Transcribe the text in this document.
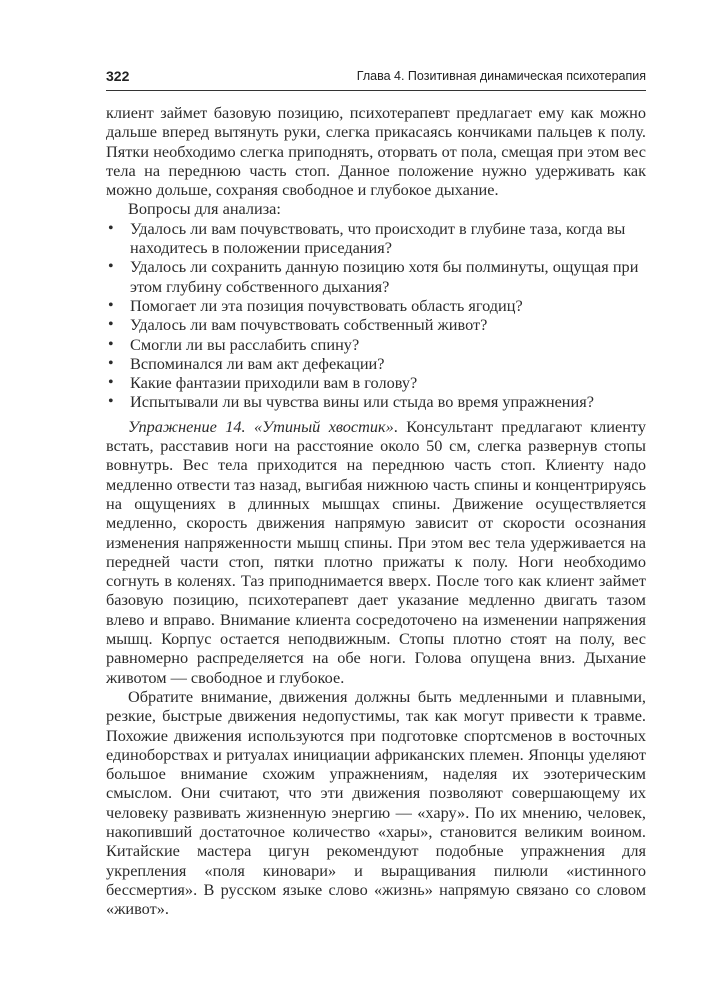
322	Глава 4. Позитивная динамическая психотерапия

клиент займет базовую позицию, психотерапевт предлагает ему как можно дальше вперед вытянуть руки, слегка прикасаясь кончиками пальцев к полу. Пятки необходимо слегка приподнять, оторвать от пола, смещая при этом вес тела на переднюю часть стоп. Данное положение нужно удерживать как можно дольше, сохраняя свободное и глубокое дыхание.

Вопросы для анализа:

• Удалось ли вам почувствовать, что происходит в глубине таза, когда вы находитесь в положении приседания?
• Удалось ли сохранить данную позицию хотя бы полминуты, ощущая при этом глубину собственного дыхания?
• Помогает ли эта позиция почувствовать область ягодиц?
• Удалось ли вам почувствовать собственный живот?
• Смогли ли вы расслабить спину?
• Вспоминался ли вам акт дефекации?
• Какие фантазии приходили вам в голову?
• Испытывали ли вы чувства вины или стыда во время упражнения?

Упражнение 14. «Утиный хвостик». Консультант предлагают клиенту встать, расставив ноги на расстояние около 50 см, слегка развернув стопы вовнутрь. Вес тела приходится на переднюю часть стоп. Клиенту надо медленно отвести таз назад, выгибая нижнюю часть спины и концентрируясь на ощущениях в длинных мышцах спины. Движение осуществляется медленно, скорость движения напрямую зависит от скорости осознания изменения напряженности мышц спины. При этом вес тела удерживается на передней части стоп, пятки плотно прижаты к полу. Ноги необходимо согнуть в коленях. Таз приподнимается вверх. После того как клиент займет базовую позицию, психотерапевт дает указание медленно двигать тазом влево и вправо. Внимание клиента сосредоточено на изменении напряжения мышц. Корпус остается неподвижным. Стопы плотно стоят на полу, вес равномерно распределяется на обе ноги. Голова опущена вниз. Дыхание животом — свободное и глубокое.

Обратите внимание, движения должны быть медленными и плавными, резкие, быстрые движения недопустимы, так как могут привести к травме. Похожие движения используются при подготовке спортсменов в восточных единоборствах и ритуалах инициации африканских племен. Японцы уделяют большое внимание схожим упражнениям, наделяя их эзотерическим смыслом. Они считают, что эти движения позволяют совершающему их человеку развивать жизненную энергию — «хару». По их мнению, человек, накопивший достаточное количество «хары», становится великим воином. Китайские мастера цигун рекомендуют подобные упражнения для укрепления «поля киновари» и выращивания пилюли «истинного бессмертия». В русском языке слово «жизнь» напрямую связано со словом «живот».
